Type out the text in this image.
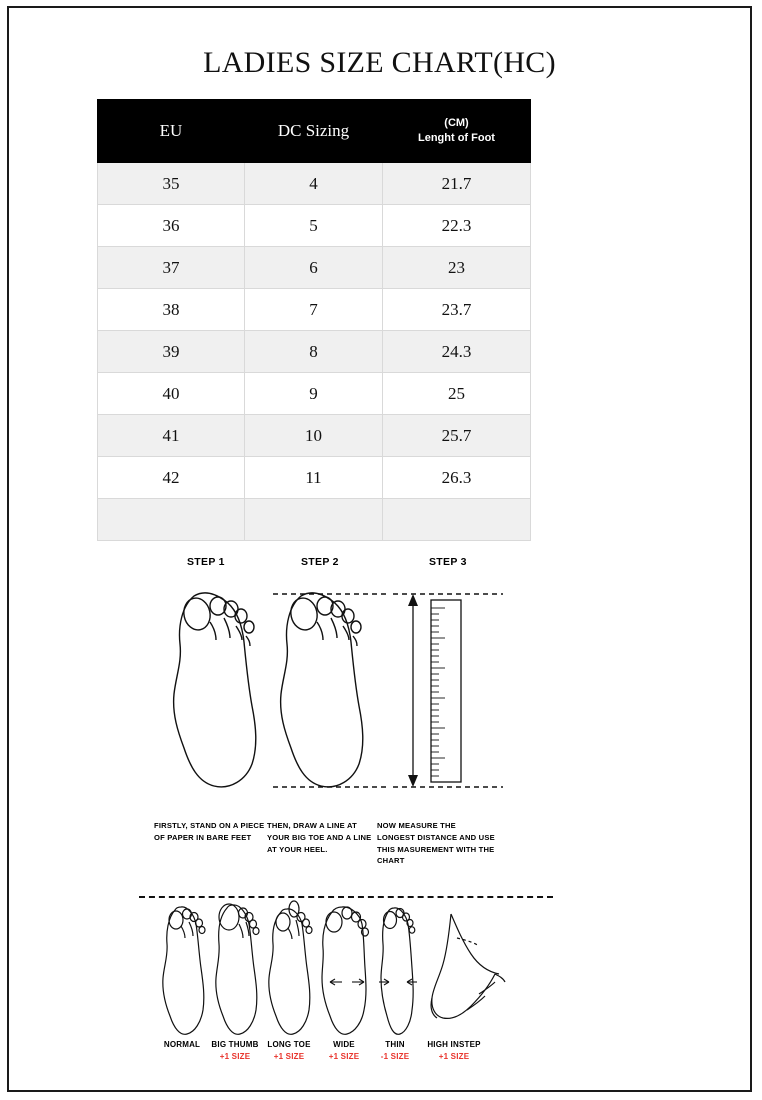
LADIES SIZE CHART(HC)
EU	DC Sizing	(CM)
Lenght of Foot
35	4	21.7
36	5	22.3
37	6	23
38	7	23.7
39	8	24.3
40	9	25
41	10	25.7
42	11	26.3

STEP 1	STEP 2	STEP 3
FIRSTLY, STAND ON A PIECE OF PAPER IN BARE FEET
THEN, DRAW A LINE AT YOUR BIG TOE AND A LINE AT YOUR HEEL.
NOW MEASURE THE LONGEST DISTANCE AND USE THIS MASUREMENT WITH THE CHART
NORMAL	BIG THUMB
+1 SIZE
LONG TOE
+1 SIZE
WIDE
+1 SIZE
THIN
-1 SIZE
HIGH INSTEP
+1 SIZE
